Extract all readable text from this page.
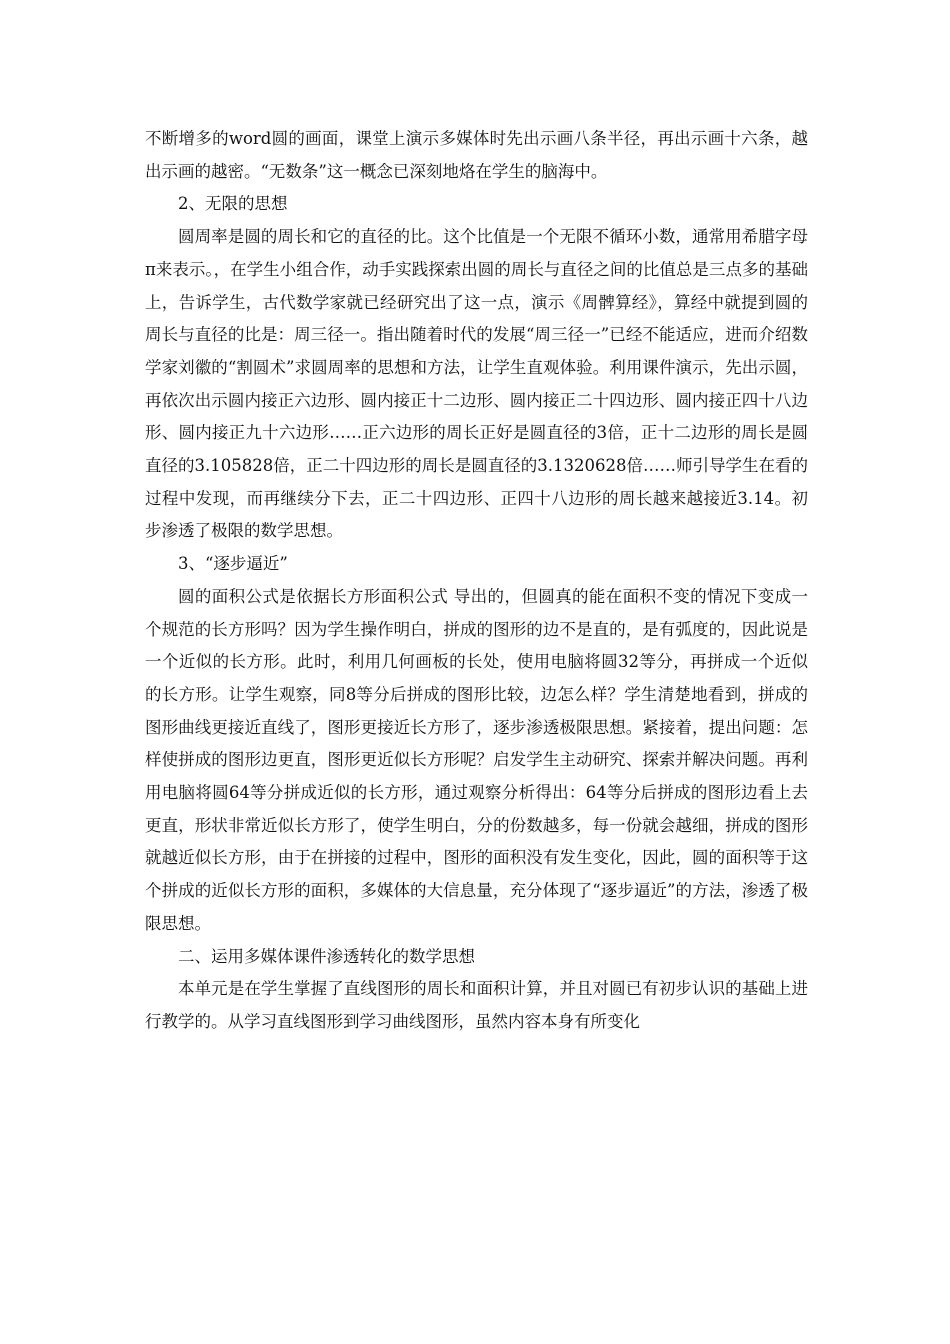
不断增多的word圆的画面，课堂上演示多媒体时先出示画八条半径，再出示画十六条，越出示画的越密。“无数条”这一概念已深刻地烙在学生的脑海中。

2、无限的思想

圆周率是圆的周长和它的直径的比。这个比值是一个无限不循环小数，通常用希腊字母π来表示。，在学生小组合作，动手实践探索出圆的周长与直径之间的比值总是三点多的基础上，告诉学生，古代数学家就已经研究出了这一点，演示《周髀算经》，算经中就提到圆的周长与直径的比是：周三径一。指出随着时代的发展“周三径一”已经不能适应，进而介绍数学家刘徽的“割圆术”求圆周率的思想和方法，让学生直观体验。利用课件演示，先出示圆，再依次出示圆内接正六边形、圆内接正十二边形、圆内接正二十四边形、圆内接正四十八边形、圆内接正九十六边形……正六边形的周长正好是圆直径的3倍，正十二边形的周长是圆直径的3.105828倍，正二十四边形的周长是圆直径的3.1320628倍……师引导学生在看的过程中发现，而再继续分下去，正二十四边形、正四十八边形的周长越来越接近3.14。初步渗透了极限的数学思想。

3、“逐步逼近”

圆的面积公式是依据长方形面积公式 导出的，但圆真的能在面积不变的情况下变成一个规范的长方形吗？因为学生操作明白，拼成的图形的边不是直的，是有弧度的，因此说是一个近似的长方形。此时，利用几何画板的长处，使用电脑将圆32等分，再拼成一个近似的长方形。让学生观察，同8等分后拼成的图形比较，边怎么样？学生清楚地看到，拼成的图形曲线更接近直线了，图形更接近长方形了，逐步渗透极限思想。紧接着，提出问题：怎样使拼成的图形边更直，图形更近似长方形呢？启发学生主动研究、探索并解决问题。再利用电脑将圆64等分拼成近似的长方形，通过观察分析得出：64等分后拼成的图形边看上去更直，形状非常近似长方形了，使学生明白，分的份数越多，每一份就会越细，拼成的图形就越近似长方形，由于在拼接的过程中，图形的面积没有发生变化，因此，圆的面积等于这个拼成的近似长方形的面积，多媒体的大信息量，充分体现了“逐步逼近”的方法，渗透了极限思想。

二、运用多媒体课件渗透转化的数学思想

本单元是在学生掌握了直线图形的周长和面积计算，并且对圆已有初步认识的基础上进行教学的。从学习直线图形到学习曲线图形，虽然内容本身有所变化
